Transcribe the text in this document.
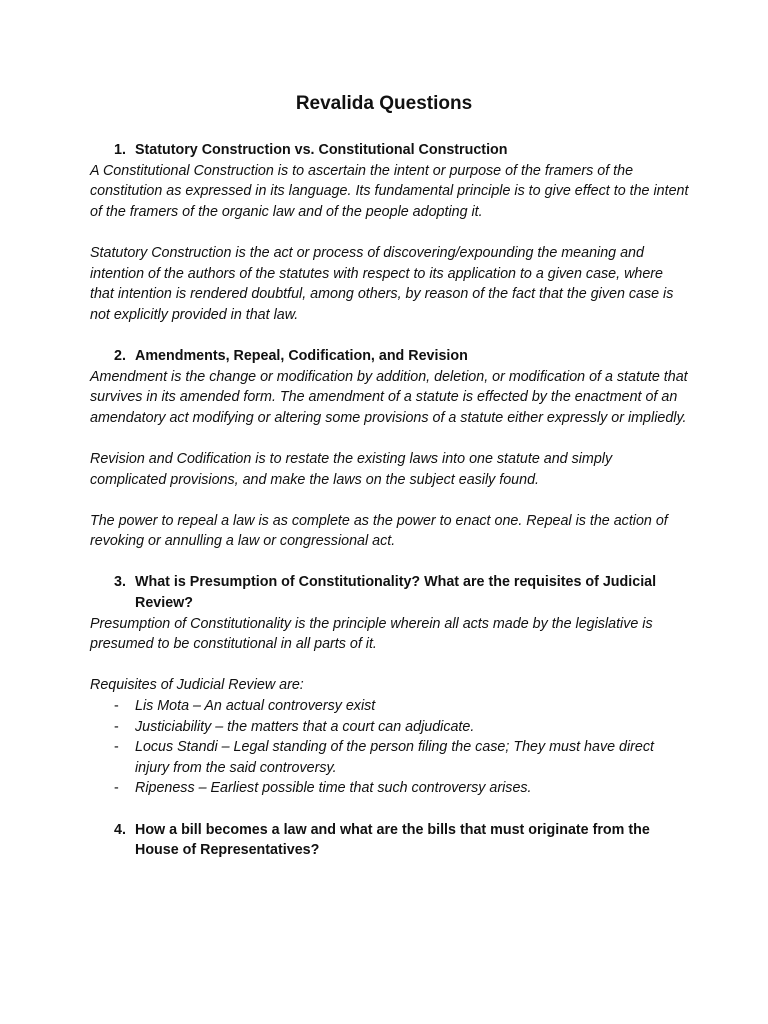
Revalida Questions
1. Statutory Construction vs. Constitutional Construction

A Constitutional Construction is to ascertain the intent or purpose of the framers of the constitution as expressed in its language. Its fundamental principle is to give effect to the intent of the framers of the organic law and of the people adopting it.

Statutory Construction is the act or process of discovering/expounding the meaning and intention of the authors of the statutes with respect to its application to a given case, where that intention is rendered doubtful, among others, by reason of the fact that the given case is not explicitly provided in that law.

2. Amendments, Repeal, Codification, and Revision

Amendment is the change or modification by addition, deletion, or modification of a statute that survives in its amended form. The amendment of a statute is effected by the enactment of an amendatory act modifying or altering some provisions of a statute either expressly or impliedly.

Revision and Codification is to restate the existing laws into one statute and simply complicated provisions, and make the laws on the subject easily found.

The power to repeal a law is as complete as the power to enact one. Repeal is the action of revoking or annulling a law or congressional act.

3. What is Presumption of Constitutionality? What are the requisites of Judicial Review?

Presumption of Constitutionality is the principle wherein all acts made by the legislative is presumed to be constitutional in all parts of it.

Requisites of Judicial Review are:

-	Lis Mota – An actual controversy exist
-	Justiciability – the matters that a court can adjudicate.
-	Locus Standi – Legal standing of the person filing the case; They must have direct injury from the said controversy.
-	Ripeness – Earliest possible time that such controversy arises.
4. How a bill becomes a law and what are the bills that must originate from the House of Representatives?
